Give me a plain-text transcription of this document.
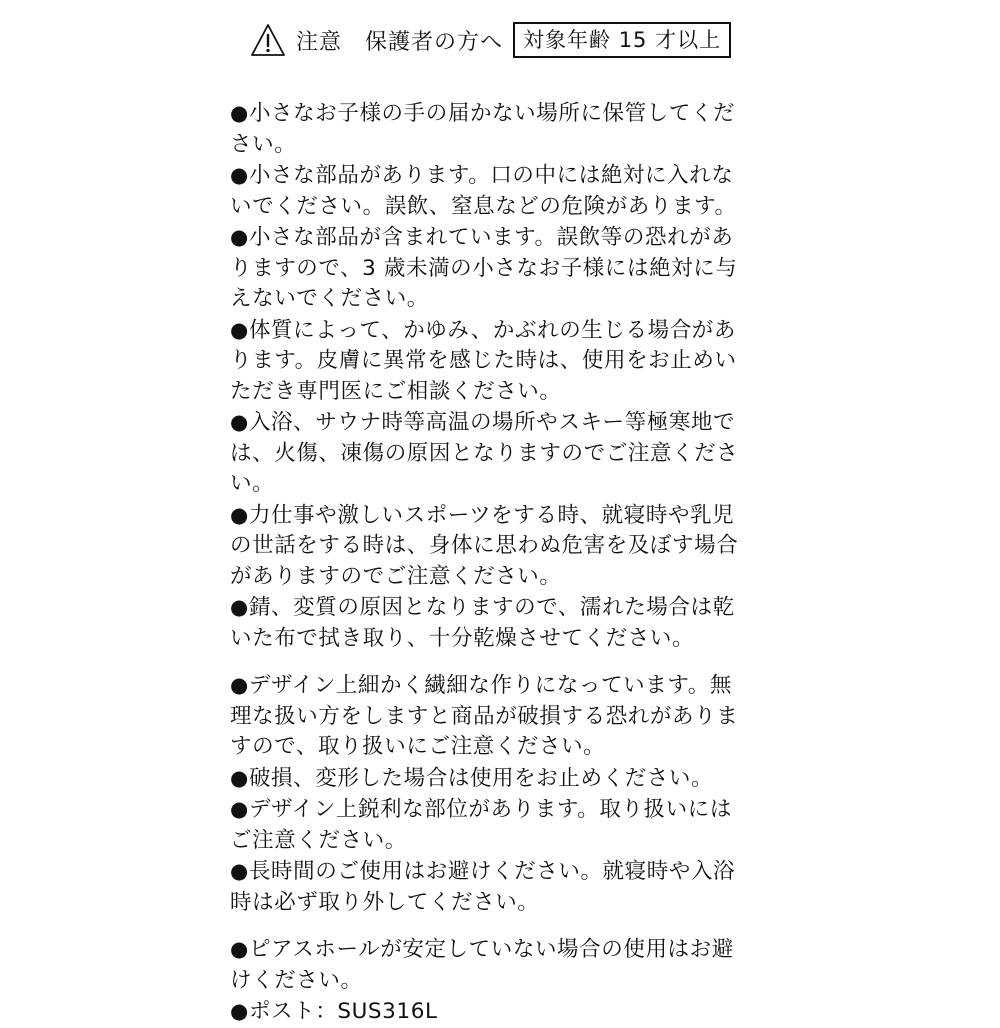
注意　保護者の方へ 対象年齢 15 才以上

●小さなお子様の手の届かない場所に保管してくだ
さい。

●小さな部品があります。口の中には絶対に入れな
いでください。誤飲、窒息などの危険があります。

●小さな部品が含まれています。誤飲等の恐れがあ
りますので、3 歳未満の小さなお子様には絶対に与
えないでください。

●体質によって、かゆみ、かぶれの生じる場合があ
ります。皮膚に異常を感じた時は、使用をお止めい
ただき専門医にご相談ください。

●入浴、サウナ時等高温の場所やスキー等極寒地で
は、火傷、凍傷の原因となりますのでご注意くださ
い。

●力仕事や激しいスポーツをする時、就寝時や乳児
の世話をする時は、身体に思わぬ危害を及ぼす場合
がありますのでご注意ください。

●錆、変質の原因となりますので、濡れた場合は乾
いた布で拭き取り、十分乾燥させてください。

●デザイン上細かく繊細な作りになっています。無
理な扱い方をしますと商品が破損する恐れがありま
すので、取り扱いにご注意ください。

●破損、変形した場合は使用をお止めください。

●デザイン上鋭利な部位があります。取り扱いには
ご注意ください。

●長時間のご使用はお避けください。就寝時や入浴
時は必ず取り外してください。

●ピアスホールが安定していない場合の使用はお避
けください。

●ポスト：SUS316L
